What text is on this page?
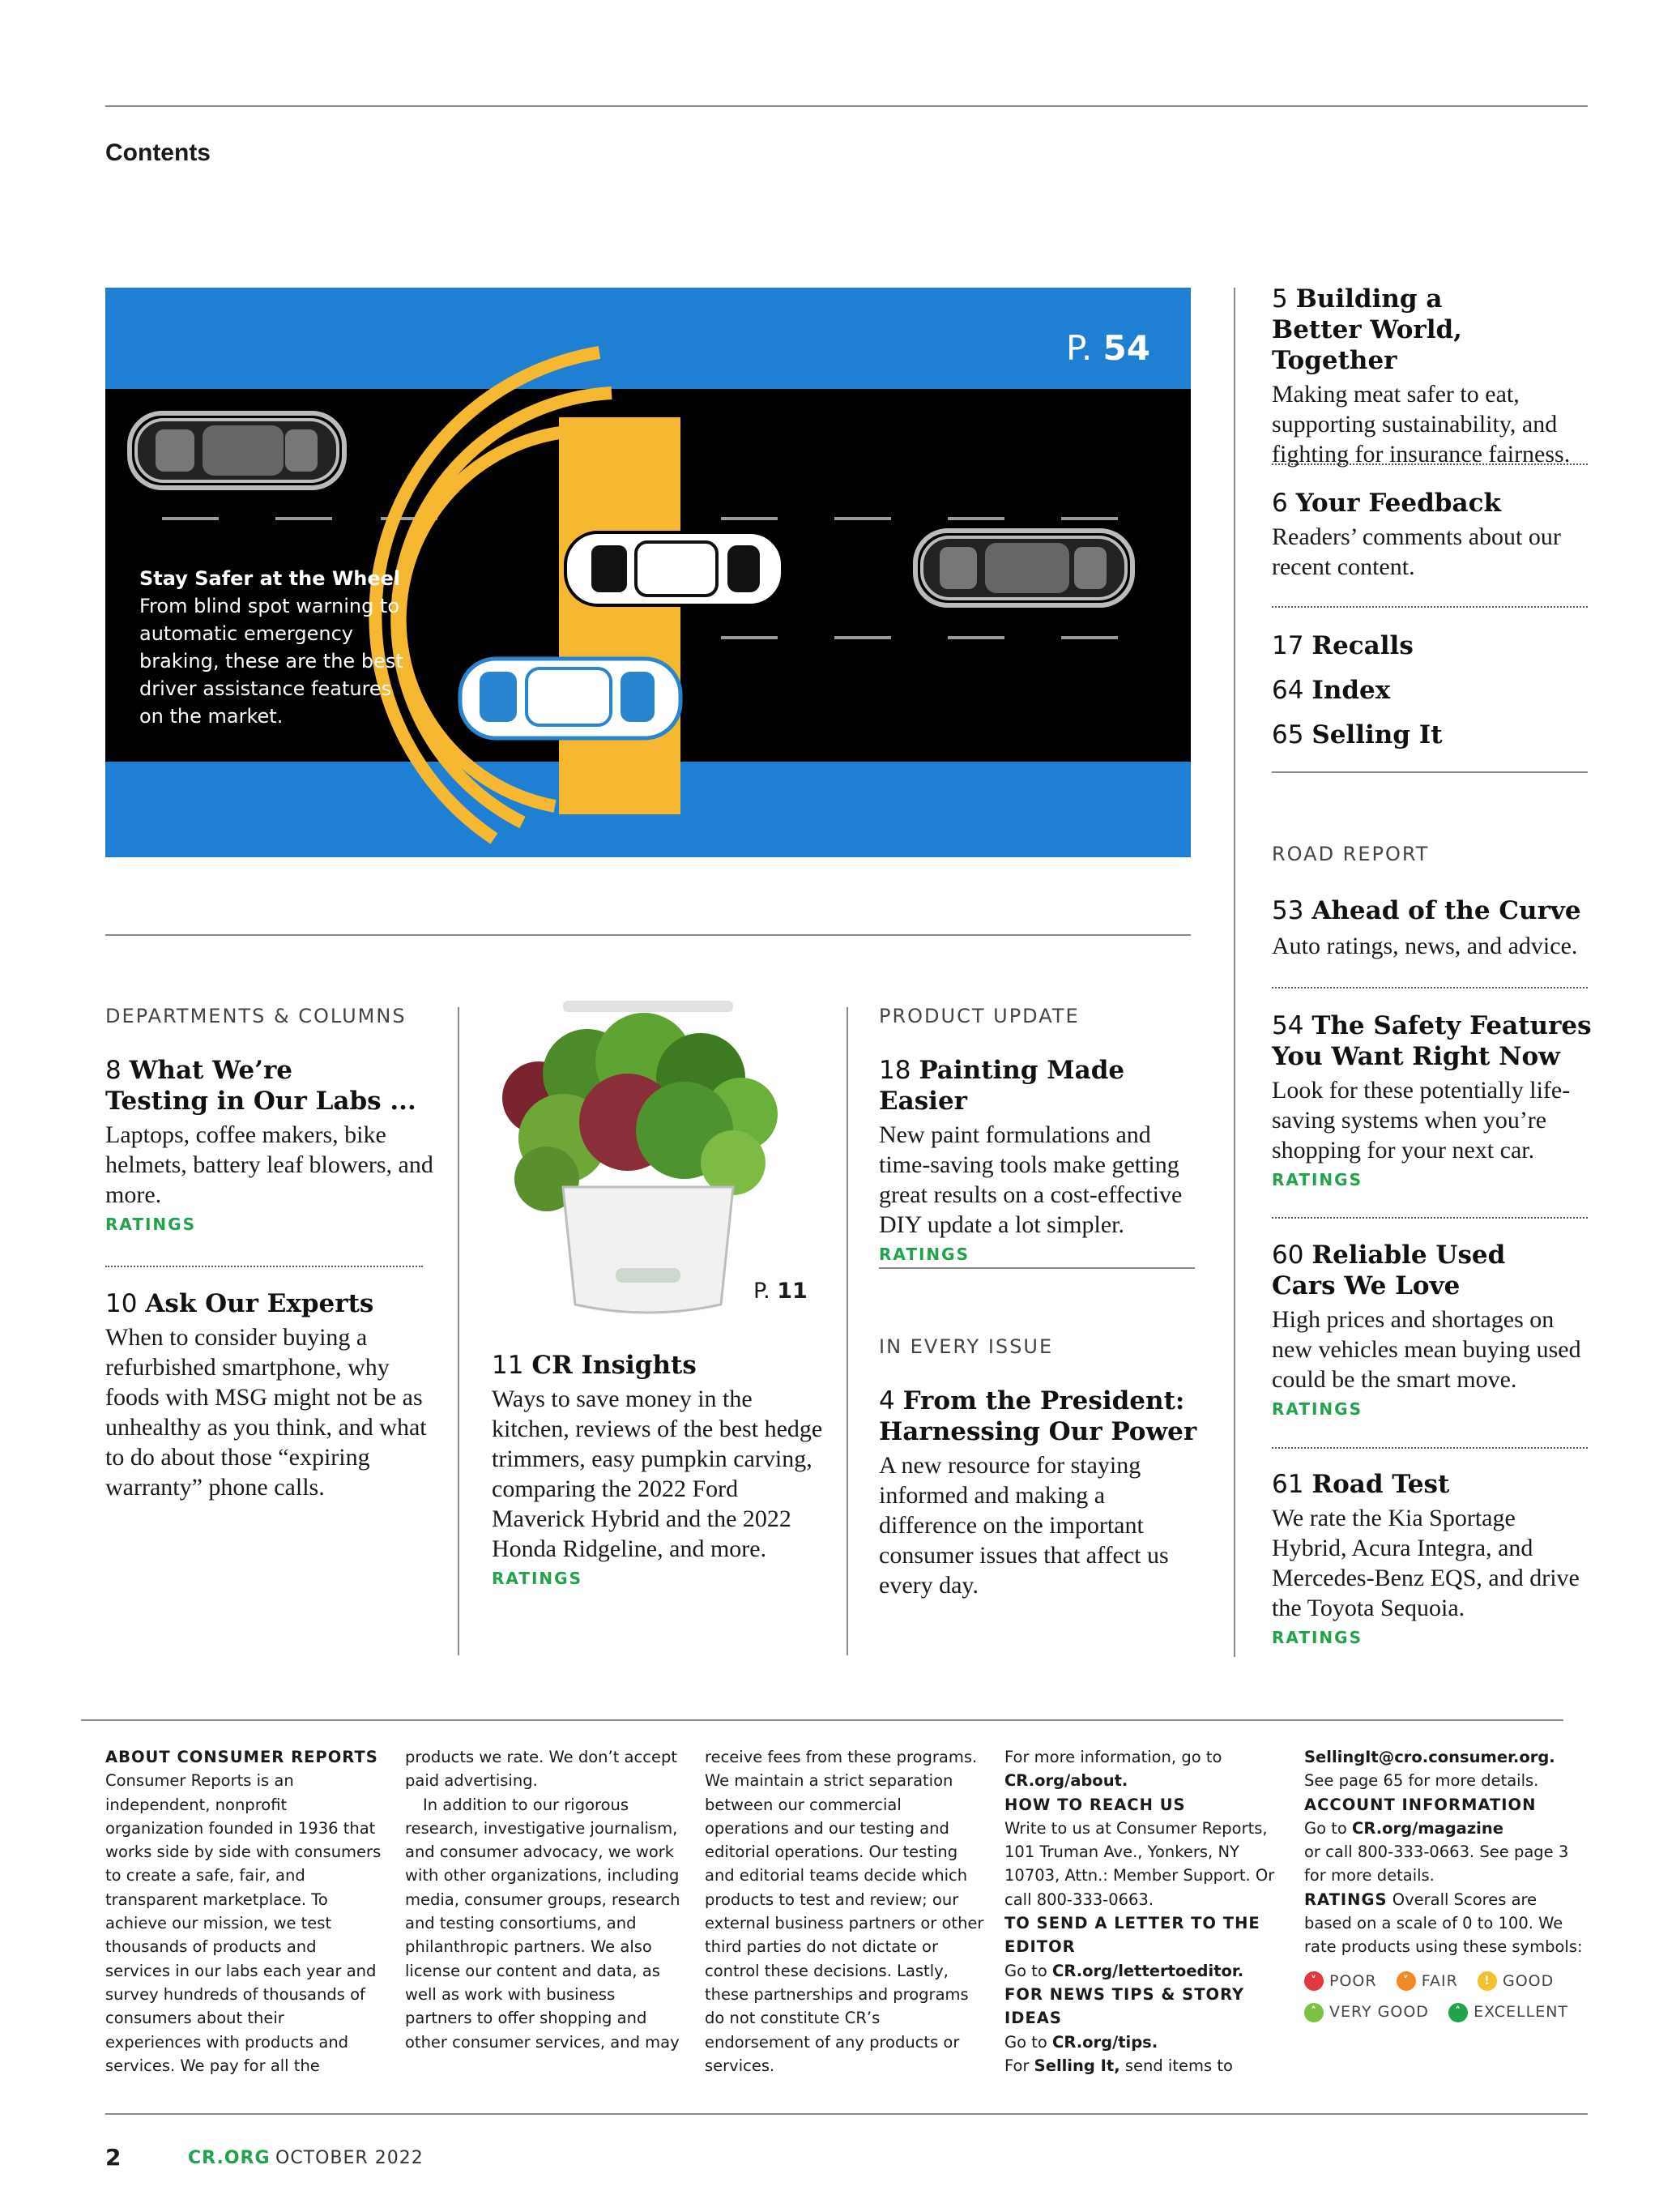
Contents
P. 54
Stay Safer at the Wheel
From blind spot warning to automatic emergency braking, these are the best driver assistance features on the market.
5 Building a
Better World, Together
Making meat safer to eat, supporting sustainability, and fighting for insurance fairness.
6 Your Feedback
Readers’ comments about our recent content.
17 Recalls
64 Index
65 Selling It
ROAD REPORT
53 Ahead of the Curve
Auto ratings, news, and advice.
54 The Safety Features
You Want Right Now
Look for these potentially life-saving systems when you’re shopping for your next car.
RATINGS
60 Reliable Used
Cars We Love
High prices and shortages on new vehicles mean buying used could be the smart move.
RATINGS
61 Road Test
We rate the Kia Sportage Hybrid, Acura Integra, and Mercedes-Benz EQS, and drive the Toyota Sequoia.
RATINGS
DEPARTMENTS & COLUMNS
8 What We’re
Testing in Our Labs ...
Laptops, coffee makers, bike helmets, battery leaf blowers, and more.
RATINGS
10 Ask Our Experts
When to consider buying a refurbished smartphone, why foods with MSG might not be as unhealthy as you think, and what to do about those “expiring warranty” phone calls.
P. 11
11 CR Insights
Ways to save money in the kitchen, reviews of the best hedge trimmers, easy pumpkin carving, comparing the 2022 Ford Maverick Hybrid and the 2022 Honda Ridgeline, and more.
RATINGS
PRODUCT UPDATE
18 Painting Made Easier
New paint formulations and time-saving tools make getting great results on a cost-effective DIY update a lot simpler.
RATINGS
IN EVERY ISSUE
4 From the President:
Harnessing Our Power
A new resource for staying informed and making a difference on the important consumer issues that affect us every day.
ABOUT CONSUMER REPORTS
Consumer Reports is an independent, nonprofit organization founded in 1936 that works side by side with consumers to create a safe, fair, and transparent marketplace. To achieve our mission, we test thousands of products and services in our labs each year and survey hundreds of thousands of consumers about their experiences with products and services. We pay for all the
products we rate. We don’t accept paid advertising.
In addition to our rigorous research, investigative journalism, and consumer advocacy, we work with other organizations, including media, consumer groups, research and testing consortiums, and philanthropic partners. We also license our content and data, as well as work with business partners to offer shopping and other consumer services, and may
receive fees from these programs. We maintain a strict separation between our commercial operations and our testing and editorial operations. Our testing and editorial teams decide which products to test and review; our external business partners or other third parties do not dictate or control these decisions. Lastly, these partnerships and programs do not constitute CR’s endorsement of any products or services.
For more information, go to CR.org/about.
HOW TO REACH US
Write to us at Consumer Reports, 101 Truman Ave., Yonkers, NY 10703, Attn.: Member Support. Or call 800-333-0663.
TO SEND A LETTER TO THE EDITOR
Go to CR.org/lettertoeditor.
FOR NEWS TIPS & STORY IDEAS
Go to CR.org/tips.
For Selling It, send items to
SellingIt@cro.consumer.org.
See page 65 for more details.
ACCOUNT INFORMATION
Go to CR.org/magazine
or call 800-333-0663. See page 3 for more details.
RATINGS Overall Scores are based on a scale of 0 to 100. We rate products using these symbols:
˅ POOR
	˅ FAIR
	! GOOD
˄ VERY GOOD
	˄ EXCELLENT
2	CR.ORG OCTOBER 2022
